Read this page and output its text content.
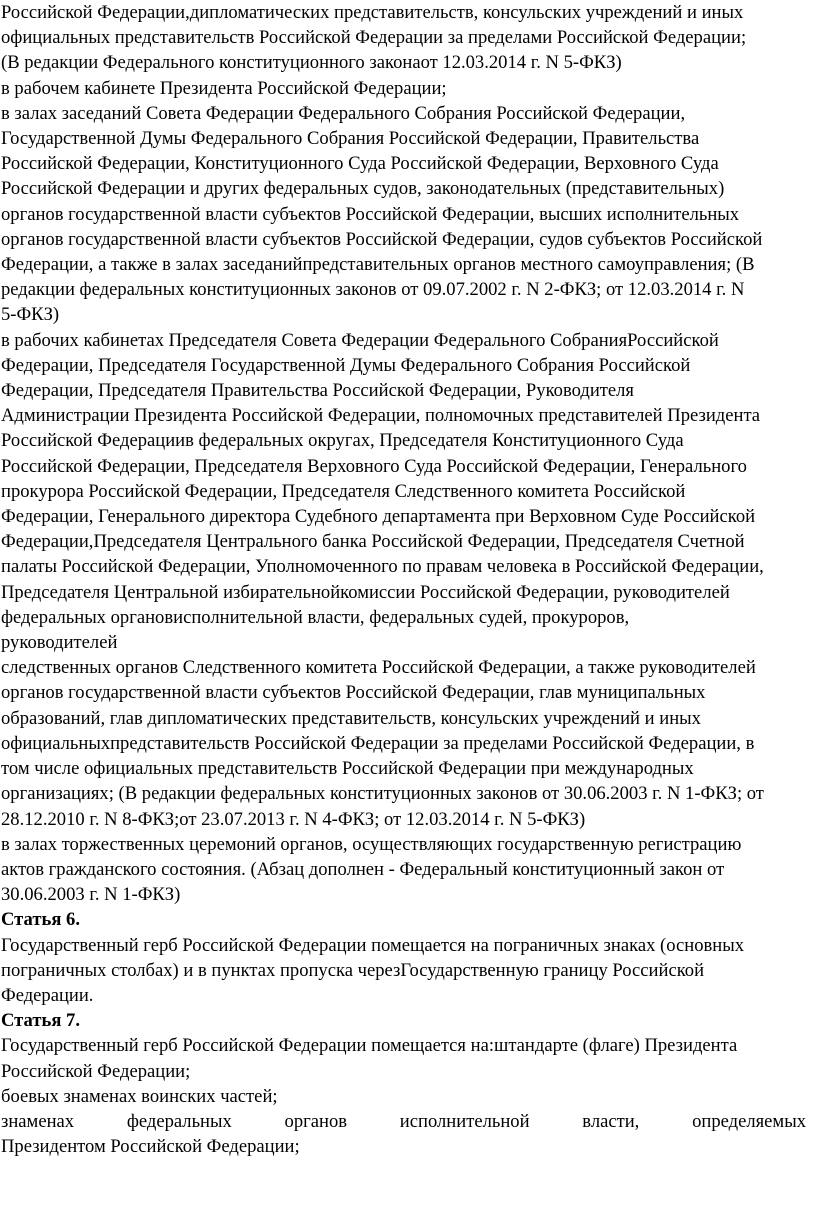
Российской Федерации,дипломатических представительств, консульских учреждений и иных
официальных представительств Российской Федерации за пределами Российской Федерации;
(В редакции Федерального конституционного законаот 12.03.2014 г. N 5-ФКЗ)
в рабочем кабинете Президента Российской Федерации;
в залах заседаний Совета Федерации Федерального Собрания Российской Федерации,
Государственной Думы Федерального Собрания Российской Федерации, Правительства
Российской Федерации, Конституционного Суда Российской Федерации, Верховного Суда
Российской Федерации и других федеральных судов, законодательных (представительных)
органов государственной власти субъектов Российской Федерации, высших исполнительных
органов государственной власти субъектов Российской Федерации, судов субъектов Российской
Федерации, а также в залах заседанийпредставительных органов местного самоуправления; (В
редакции федеральных конституционных законов от 09.07.2002 г. N 2-ФКЗ; от 12.03.2014 г. N
5-ФКЗ)
в рабочих кабинетах Председателя Совета Федерации Федерального СобранияРоссийской
Федерации, Председателя Государственной Думы Федерального Собрания Российской
Федерации, Председателя Правительства Российской Федерации, Руководителя
Администрации Президента Российской Федерации, полномочных представителей Президента
Российской Федерациив федеральных округах, Председателя Конституционного Суда
Российской Федерации, Председателя Верховного Суда Российской Федерации, Генерального
прокурора Российской Федерации, Председателя Следственного комитета Российской
Федерации, Генерального директора Судебного департамента при Верховном Суде Российской
Федерации,Председателя Центрального банка Российской Федерации, Председателя Счетной
палаты Российской Федерации, Уполномоченного по правам человека в Российской Федерации,
Председателя Центральной избирательнойкомиссии Российской Федерации, руководителей
федеральных органовисполнительной власти, федеральных судей, прокуроров,
руководителей
следственных органов Следственного комитета Российской Федерации, а также руководителей
органов государственной власти субъектов Российской Федерации, глав муниципальных
образований, глав дипломатических представительств, консульских учреждений и иных
официальныхпредставительств Российской Федерации за пределами Российской Федерации, в
том числе официальных представительств Российской Федерации при международных
организациях; (В редакции федеральных конституционных законов от 30.06.2003 г. N 1-ФКЗ; от
28.12.2010 г. N 8-ФКЗ;от 23.07.2013 г. N 4-ФКЗ; от 12.03.2014 г. N 5-ФКЗ)
в залах торжественных церемоний органов, осуществляющих государственную регистрацию
актов гражданского состояния. (Абзац дополнен - Федеральный конституционный закон от
30.06.2003 г. N 1-ФКЗ)
Статья 6.
Государственный герб Российской Федерации помещается на пограничных знаках (основных
пограничных столбах) и в пунктах пропуска черезГосударственную границу Российской
Федерации.
Статья 7.
Государственный герб Российской Федерации помещается на:штандарте (флаге) Президента
Российской Федерации;
боевых знаменах воинских частей;
знаменах федеральных органов исполнительной власти, определяемых
Президентом Российской Федерации;
